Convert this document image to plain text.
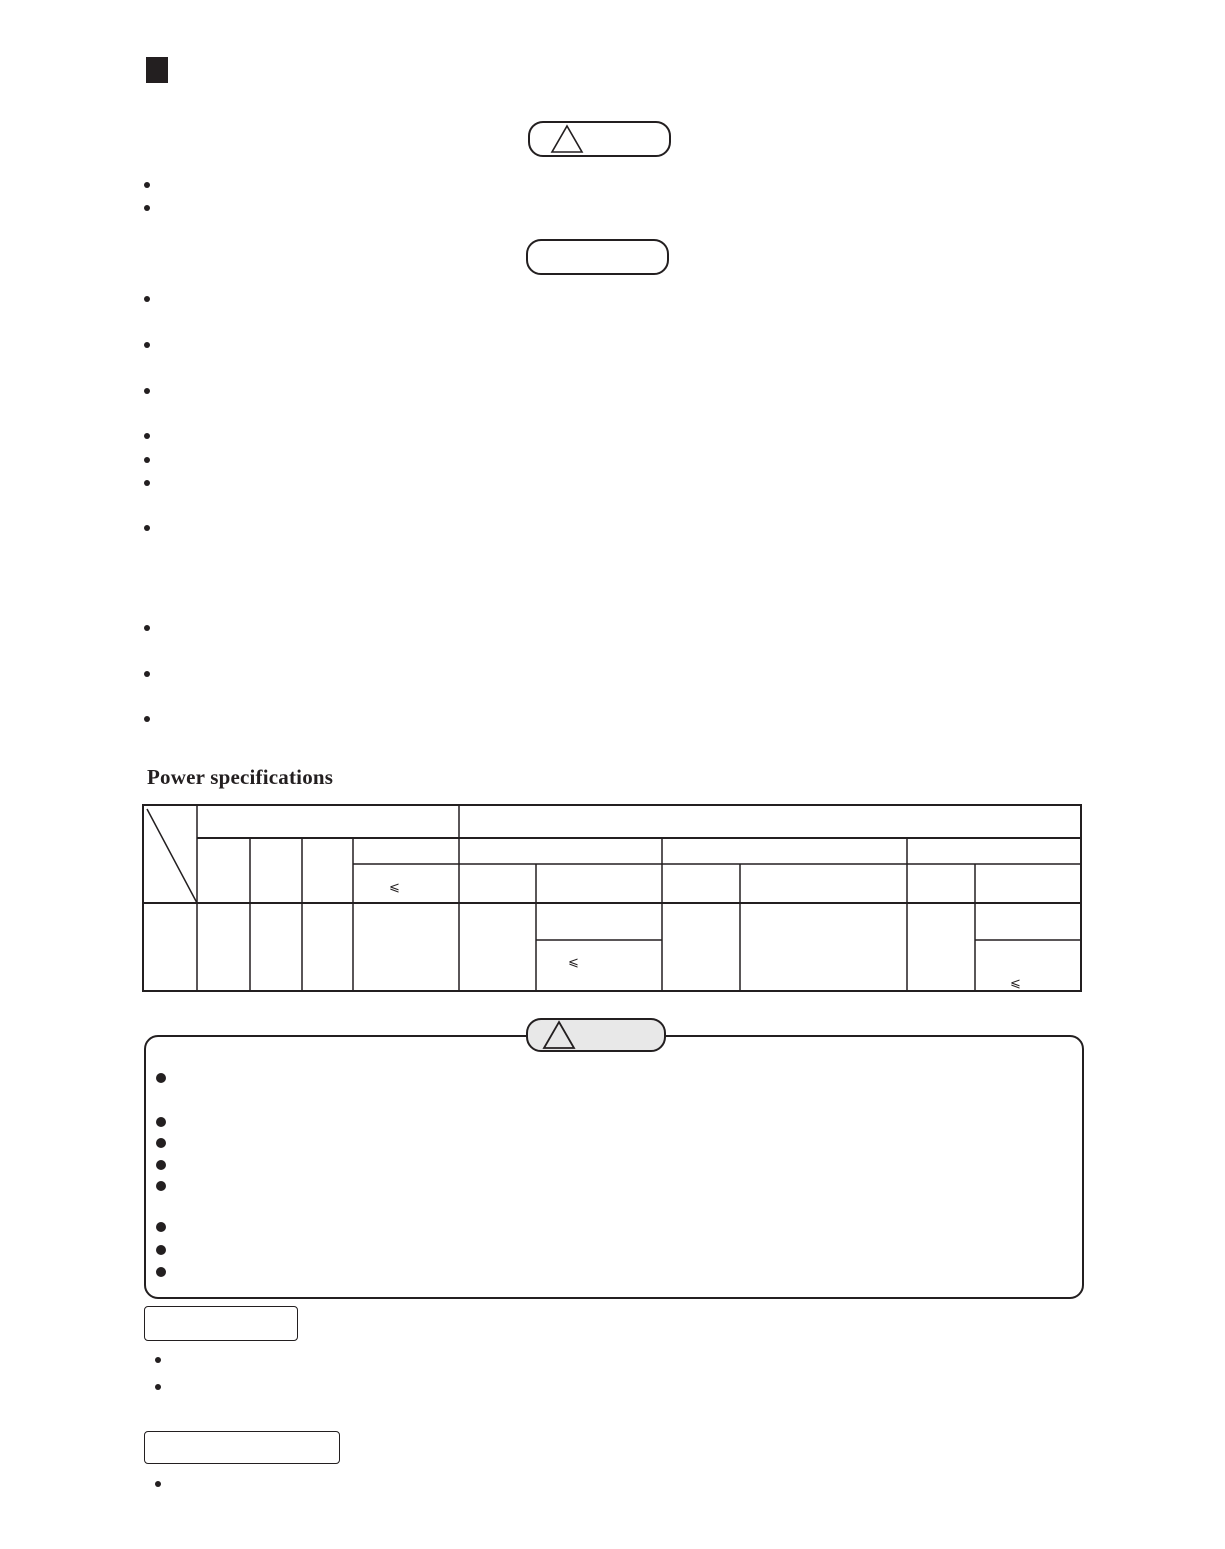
Power specifications
⩽
⩽
⩽
